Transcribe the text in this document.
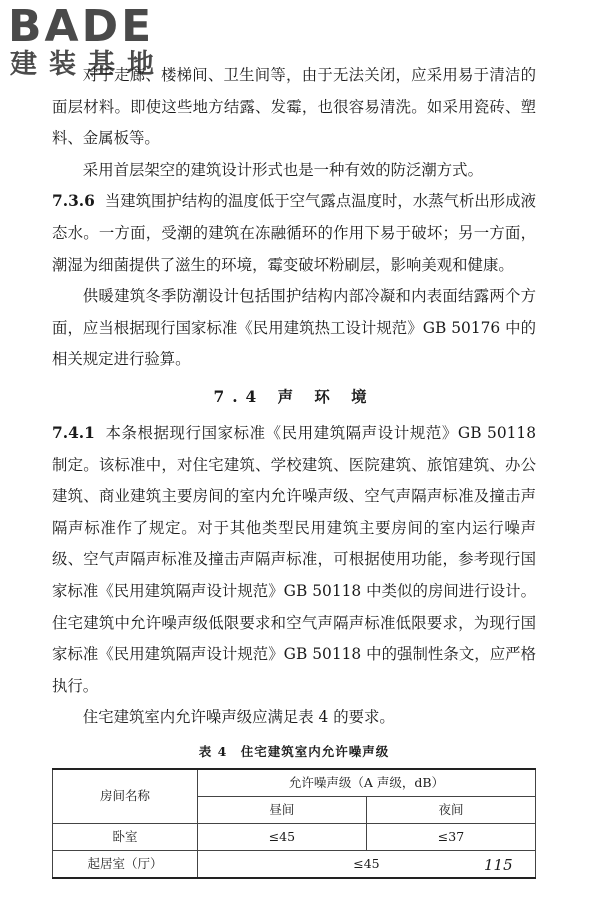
BADE
建装基地

对于走廊、楼梯间、卫生间等，由于无法关闭，应采用易于清洁的面层材料。即使这些地方结露、发霉，也很容易清洗。如采用瓷砖、塑料、金属板等。

采用首层架空的建筑设计形式也是一种有效的防泛潮方式。

7.3.6 当建筑围护结构的温度低于空气露点温度时，水蒸气析出形成液态水。一方面，受潮的建筑在冻融循环的作用下易于破坏；另一方面，潮湿为细菌提供了滋生的环境，霉变破坏粉刷层，影响美观和健康。

供暖建筑冬季防潮设计包括围护结构内部冷凝和内表面结露两个方面，应当根据现行国家标准《民用建筑热工设计规范》GB 50176 中的相关规定进行验算。

7.4 声 环 境

7.4.1 本条根据现行国家标准《民用建筑隔声设计规范》GB 50118 制定。该标准中，对住宅建筑、学校建筑、医院建筑、旅馆建筑、办公建筑、商业建筑主要房间的室内允许噪声级、空气声隔声标准及撞击声隔声标准作了规定。对于其他类型民用建筑主要房间的室内运行噪声级、空气声隔声标准及撞击声隔声标准，可根据使用功能，参考现行国家标准《民用建筑隔声设计规范》GB 50118 中类似的房间进行设计。住宅建筑中允许噪声级低限要求和空气声隔声标准低限要求，为现行国家标准《民用建筑隔声设计规范》GB 50118 中的强制性条文，应严格执行。

住宅建筑室内允许噪声级应满足表 4 的要求。

表 4　住宅建筑室内允许噪声级
房间名称	允许噪声级（A 声级，dB）	
	昼间	夜间
卧室	≤45	≤37
起居室（厅）	≤45		115
